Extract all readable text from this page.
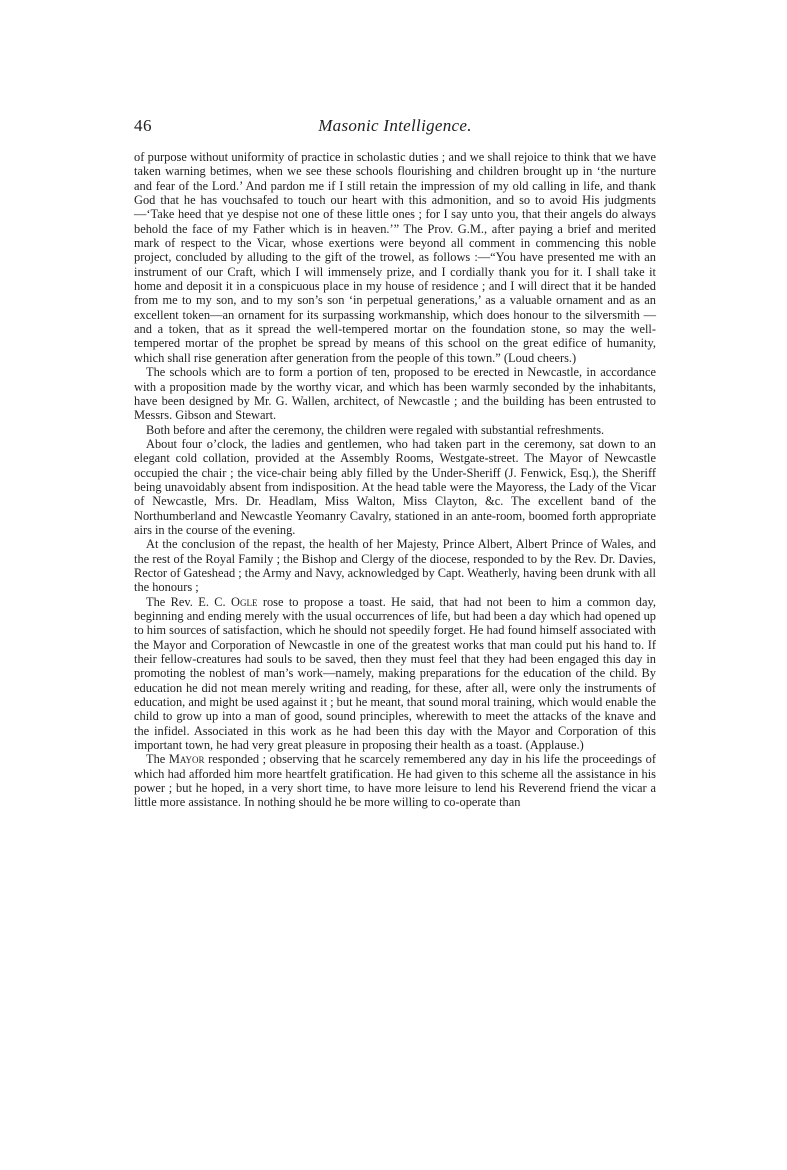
46	Masonic Intelligence.

of purpose without uniformity of practice in scholastic duties ; and we shall rejoice to think that we have taken warning betimes, when we see these schools flourishing and children brought up in ‘the nurture and fear of the Lord.’ And pardon me if I still retain the impression of my old calling in life, and thank God that he has vouchsafed to touch our heart with this admonition, and so to avoid His judgments —‘Take heed that ye despise not one of these little ones ; for I say unto you, that their angels do always behold the face of my Father which is in heaven.’” The Prov. G.M., after paying a brief and merited mark of respect to the Vicar, whose exertions were beyond all comment in commencing this noble project, concluded by alluding to the gift of the trowel, as follows :—“You have presented me with an instrument of our Craft, which I will immensely prize, and I cordially thank you for it. I shall take it home and deposit it in a conspicuous place in my house of residence ; and I will direct that it be handed from me to my son, and to my son’s son ‘in perpetual generations,’ as a valuable ornament and as an excellent token—an ornament for its surpassing workmanship, which does honour to the silversmith —and a token, that as it spread the well-tempered mortar on the foundation stone, so may the well-tempered mortar of the prophet be spread by means of this school on the great edifice of humanity, which shall rise generation after generation from the people of this town.” (Loud cheers.)

The schools which are to form a portion of ten, proposed to be erected in Newcastle, in accordance with a proposition made by the worthy vicar, and which has been warmly seconded by the inhabitants, have been designed by Mr. G. Wallen, architect, of Newcastle ; and the building has been entrusted to Messrs. Gibson and Stewart.

Both before and after the ceremony, the children were regaled with substantial refreshments.

About four o’clock, the ladies and gentlemen, who had taken part in the ceremony, sat down to an elegant cold collation, provided at the Assembly Rooms, Westgate-street. The Mayor of Newcastle occupied the chair ; the vice-chair being ably filled by the Under-Sheriff (J. Fenwick, Esq.), the Sheriff being unavoidably absent from indisposition. At the head table were the Mayoress, the Lady of the Vicar of Newcastle, Mrs. Dr. Headlam, Miss Walton, Miss Clayton, &c. The excellent band of the Northumberland and Newcastle Yeomanry Cavalry, stationed in an ante-room, boomed forth appropriate airs in the course of the evening.

At the conclusion of the repast, the health of her Majesty, Prince Albert, Albert Prince of Wales, and the rest of the Royal Family ; the Bishop and Clergy of the diocese, responded to by the Rev. Dr. Davies, Rector of Gateshead ; the Army and Navy, acknowledged by Capt. Weatherly, having been drunk with all the honours ;

The Rev. E. C. Ogle rose to propose a toast. He said, that had not been to him a common day, beginning and ending merely with the usual occurrences of life, but had been a day which had opened up to him sources of satisfaction, which he should not speedily forget. He had found himself associated with the Mayor and Corporation of Newcastle in one of the greatest works that man could put his hand to. If their fellow-creatures had souls to be saved, then they must feel that they had been engaged this day in promoting the noblest of man’s work—namely, making preparations for the education of the child. By education he did not mean merely writing and reading, for these, after all, were only the instruments of education, and might be used against it ; but he meant, that sound moral training, which would enable the child to grow up into a man of good, sound principles, wherewith to meet the attacks of the knave and the infidel. Associated in this work as he had been this day with the Mayor and Corporation of this important town, he had very great pleasure in proposing their health as a toast. (Applause.)

The Mayor responded ; observing that he scarcely remembered any day in his life the proceedings of which had afforded him more heartfelt gratification. He had given to this scheme all the assistance in his power ; but he hoped, in a very short time, to have more leisure to lend his Reverend friend the vicar a little more assistance. In nothing should he be more willing to co-operate than
